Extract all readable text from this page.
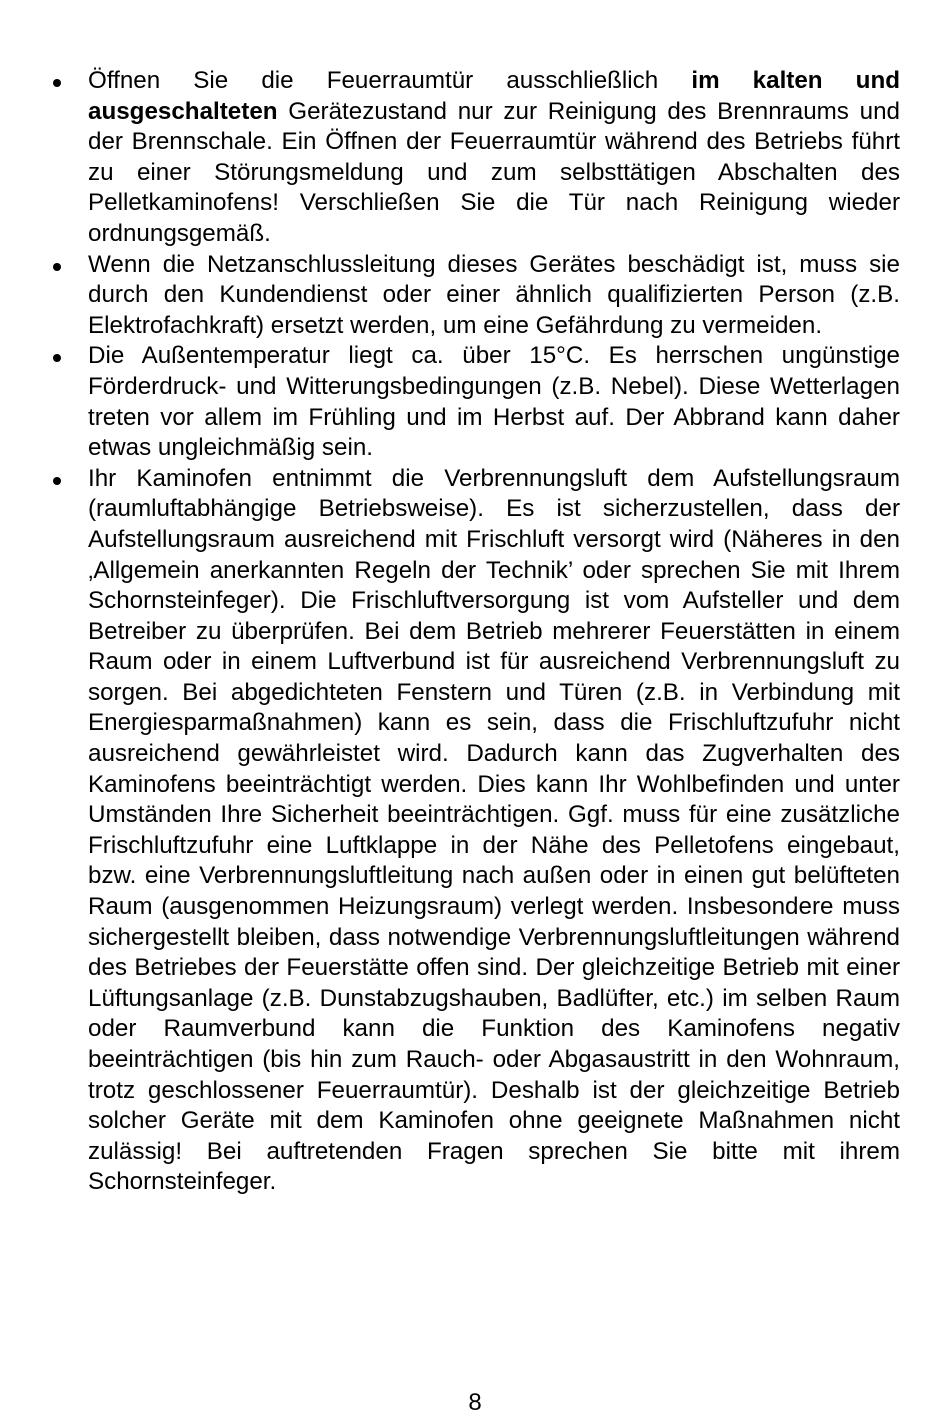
Öffnen Sie die Feuerraumtür ausschließlich im kalten und ausgeschalteten Gerätezustand nur zur Reinigung des Brennraums und der Brennschale. Ein Öffnen der Feuerraumtür während des Betriebs führt zu einer Störungsmeldung und zum selbsttätigen Abschalten des Pelletkaminofens! Verschließen Sie die Tür nach Reinigung wieder ordnungsgemäß.
Wenn die Netzanschlussleitung dieses Gerätes beschädigt ist, muss sie durch den Kundendienst oder einer ähnlich qualifizierten Person (z.B. Elektrofachkraft) ersetzt werden, um eine Gefährdung zu vermeiden.
Die Außentemperatur liegt ca. über 15°C. Es herrschen ungünstige Förderdruck- und Witterungsbedingungen (z.B. Nebel). Diese Wetterlagen treten vor allem im Frühling und im Herbst auf. Der Abbrand kann daher etwas ungleichmäßig sein.
Ihr Kaminofen entnimmt die Verbrennungsluft dem Aufstellungsraum (raumluftabhängige Betriebsweise). Es ist sicherzustellen, dass der Aufstellungsraum ausreichend mit Frischluft versorgt wird (Näheres in den ‚Allgemein anerkannten Regeln der Technik’ oder sprechen Sie mit Ihrem Schornsteinfeger). Die Frischluftversorgung ist vom Aufsteller und dem Betreiber zu überprüfen. Bei dem Betrieb mehrerer Feuerstätten in einem Raum oder in einem Luftverbund ist für ausreichend Verbrennungsluft zu sorgen. Bei abgedichteten Fenstern und Türen (z.B. in Verbindung mit Energiesparmaßnahmen) kann es sein, dass die Frischluftzufuhr nicht ausreichend gewährleistet wird. Dadurch kann das Zugverhalten des Kaminofens beeinträchtigt werden. Dies kann Ihr Wohlbefinden und unter Umständen Ihre Sicherheit beeinträchtigen. Ggf. muss für eine zusätzliche Frischluftzufuhr eine Luftklappe in der Nähe des Pelletofens eingebaut, bzw. eine Verbrennungsluftleitung nach außen oder in einen gut belüfteten Raum (ausgenommen Heizungsraum) verlegt werden. Insbesondere muss sichergestellt bleiben, dass notwendige Verbrennungsluftleitungen während des Betriebes der Feuerstätte offen sind. Der gleichzeitige Betrieb mit einer Lüftungsanlage (z.B. Dunstabzugshauben, Badlüfter, etc.) im selben Raum oder Raumverbund kann die Funktion des Kaminofens negativ beeinträchtigen (bis hin zum Rauch- oder Abgasaustritt in den Wohnraum, trotz geschlossener Feuerraumtür). Deshalb ist der gleichzeitige Betrieb solcher Geräte mit dem Kaminofen ohne geeignete Maßnahmen nicht zulässig! Bei auftretenden Fragen sprechen Sie bitte mit ihrem Schornsteinfeger.
8
